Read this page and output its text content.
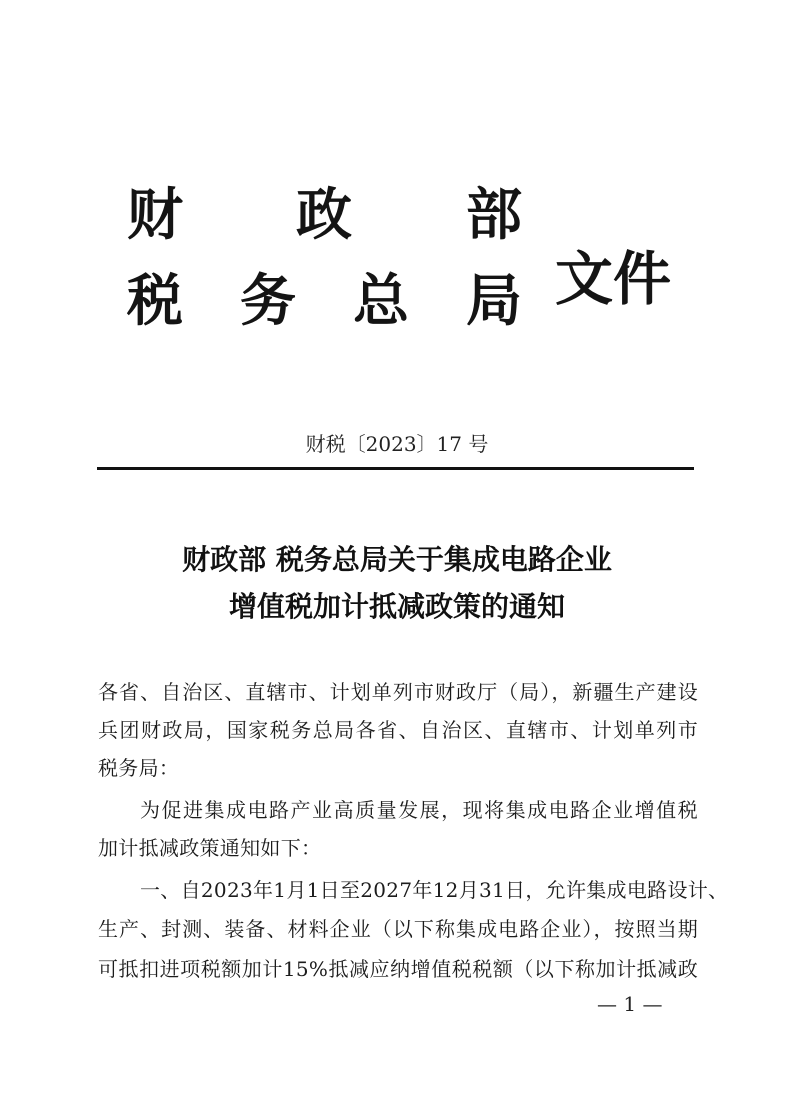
财 政 部
税 务 总 局 文件
财税〔2023〕17 号
财政部 税务总局关于集成电路企业
增值税加计抵减政策的通知
各省、自治区、直辖市、计划单列市财政厅（局），新疆生产建设
兵团财政局，国家税务总局各省、自治区、直辖市、计划单列市
税务局：
为促进集成电路产业高质量发展，现将集成电路企业增值税
加计抵减政策通知如下：
一、自2023年1月1日至2027年12月31日，允许集成电路设计、
生产、封测、装备、材料企业（以下称集成电路企业），按照当期
可抵扣进项税额加计15%抵减应纳增值税税额（以下称加计抵减政
— 1 —
